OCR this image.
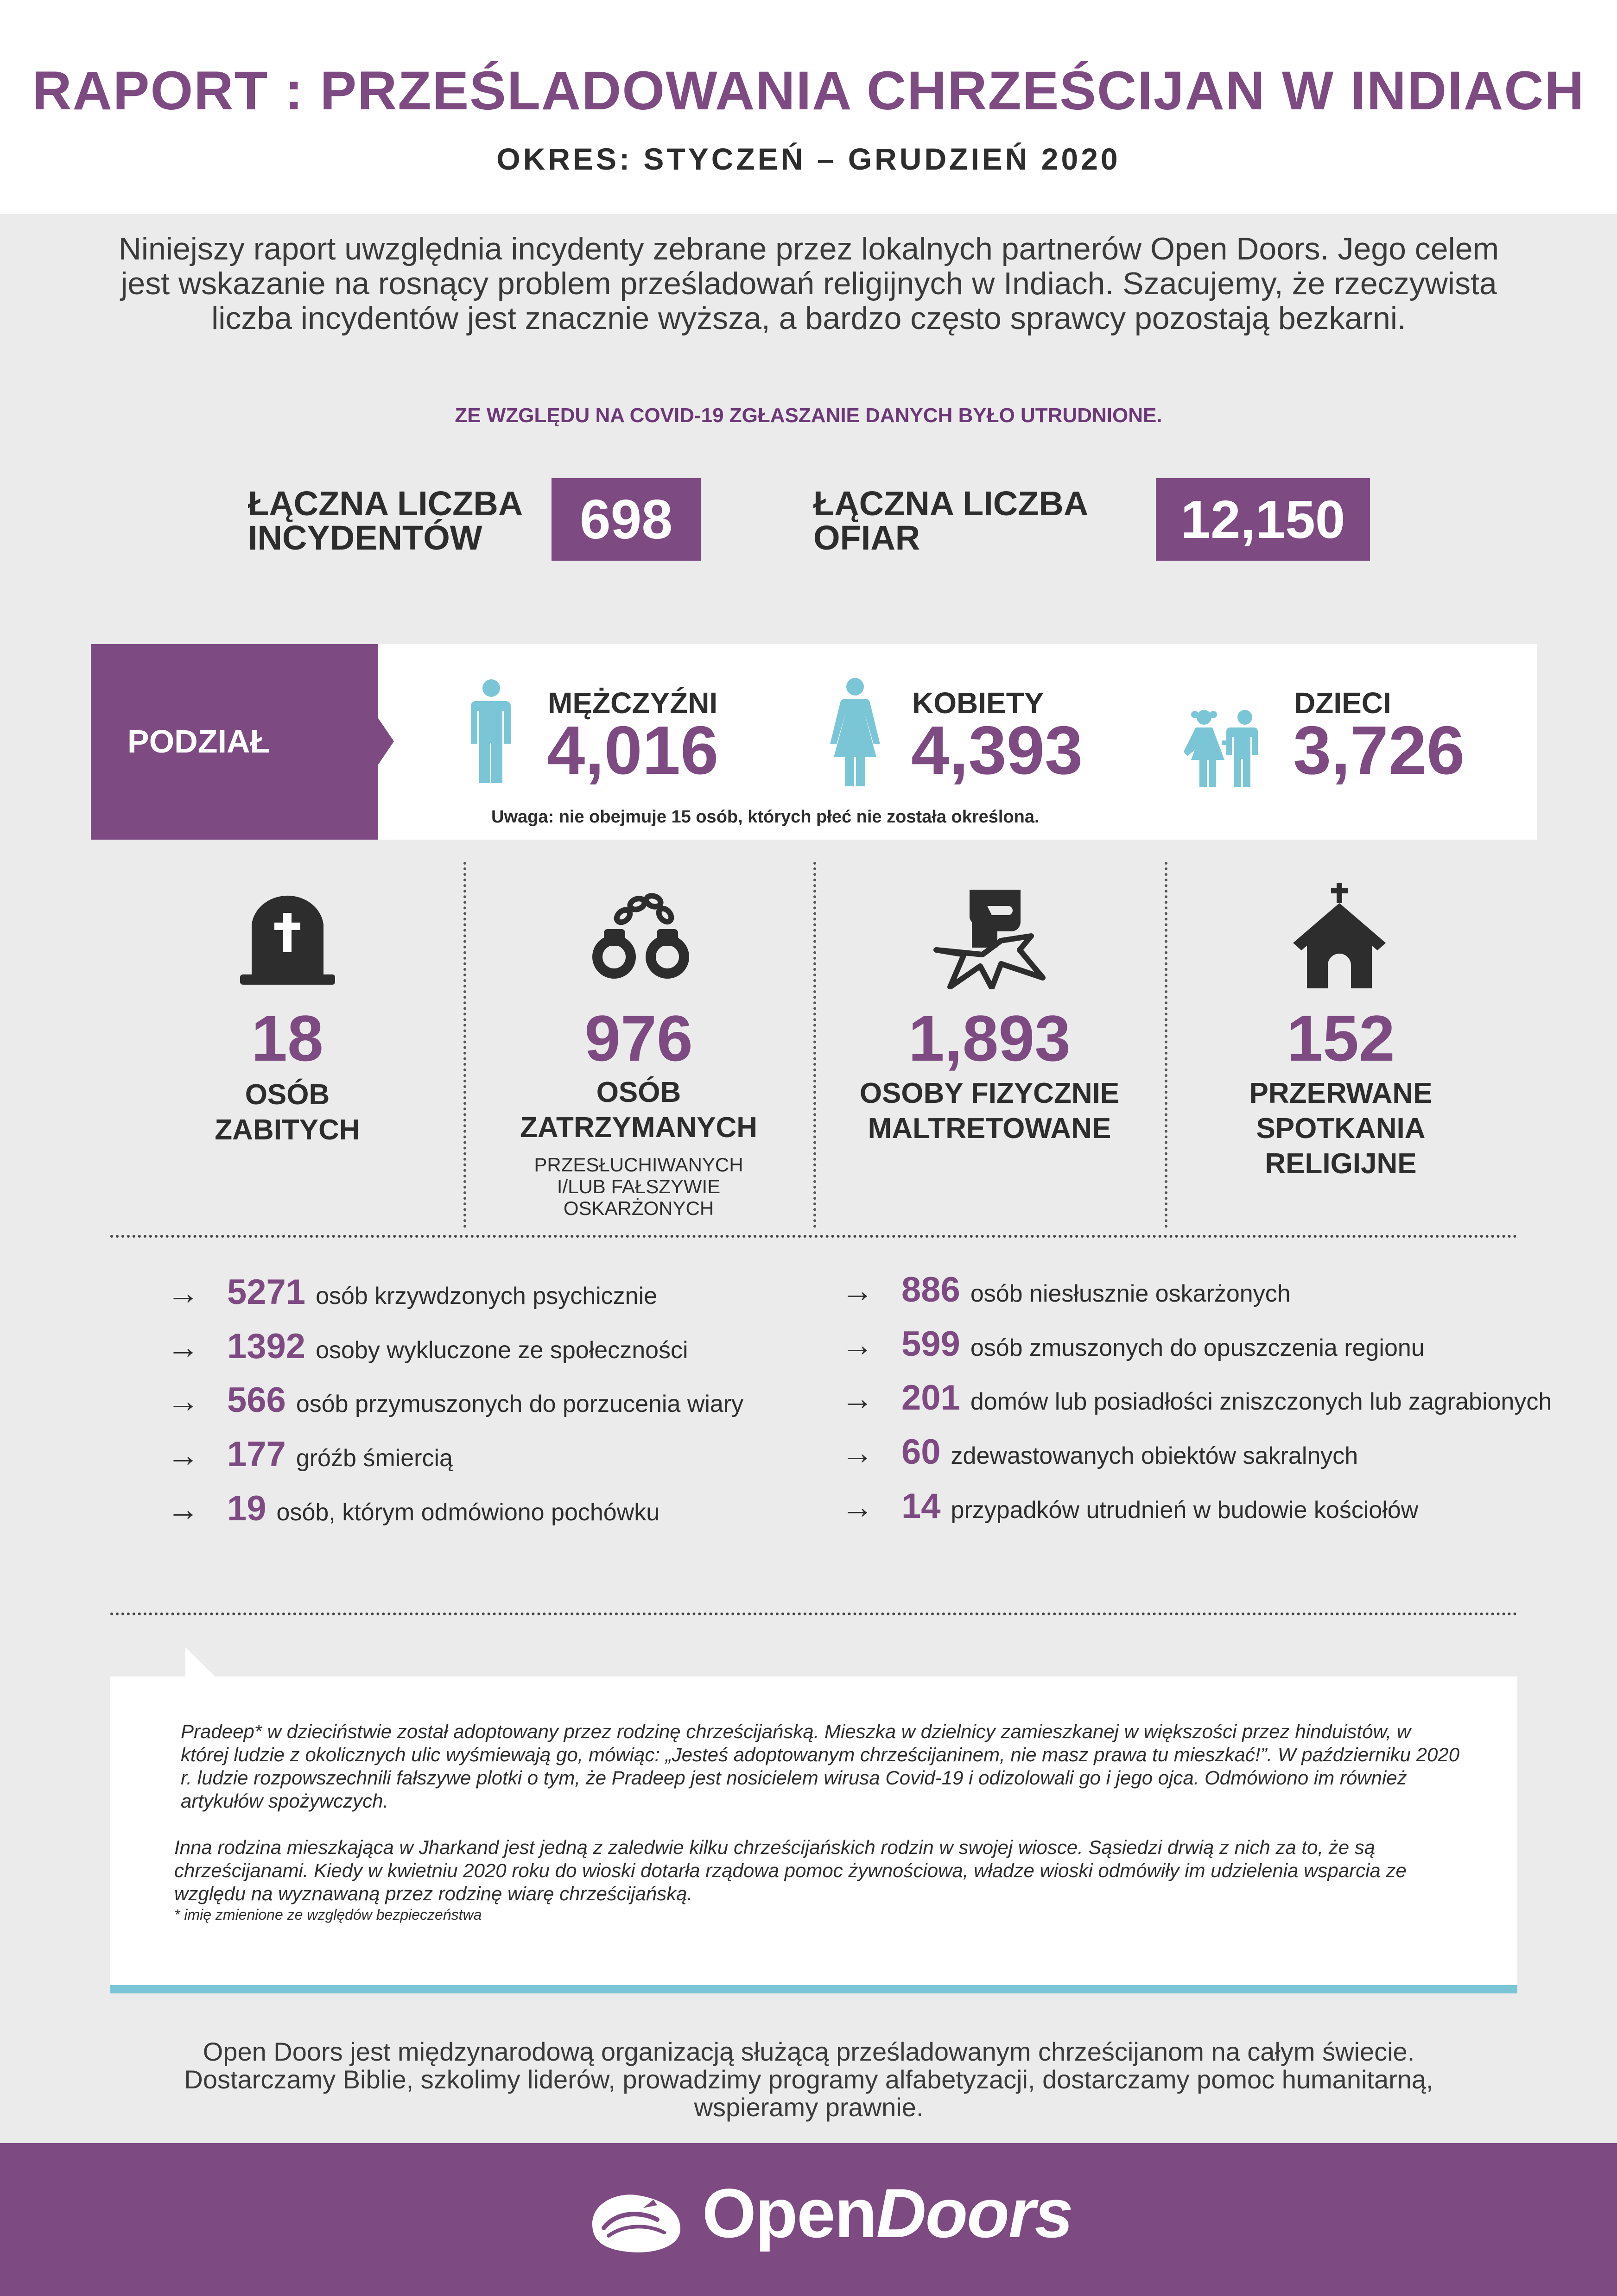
RAPORT : PRZEŚLADOWANIA CHRZEŚCIJAN W INDIACH
OKRES: STYCZEŃ – GRUDZIEŃ 2020
Niniejszy raport uwzględnia incydenty zebrane przez lokalnych partnerów Open Doors. Jego celem jest wskazanie na rosnący problem prześladowań religijnych w Indiach. Szacujemy, że rzeczywista liczba incydentów jest znacznie wyższa, a bardzo często sprawcy pozostają bezkarni.
ZE WZGLĘDU NA COVID-19 ZGŁASZANIE DANYCH BYŁO UTRUDNIONE.
ŁĄCZNA LICZBA
INCYDENTÓW	698	ŁĄCZNA LICZBA
OFIAR	12,150
PODZIAŁ
MĘŻCZYŹNI
4,016
KOBIETY
4,393
DZIECI
3,726
Uwaga: nie obejmuje 15 osób, których płeć nie została określona.
18
OSÓB
ZABITYCH
976
OSÓB
ZATRZYMANYCH
PRZESŁUCHIWANYCH
I/LUB FAŁSZYWIE
OSKARŻONYCH
1,893
OSOBY FIZYCZNIE
MALTRETOWANE
152
PRZERWANE
SPOTKANIA
RELIGIJNE
→ 5271 osób krzywdzonych psychicznie
→ 1392 osoby wykluczone ze społeczności
→ 566 osób przymuszonych do porzucenia wiary
→ 177 gróźb śmiercią
→ 19 osób, którym odmówiono pochówku
→ 886 osób niesłusznie oskarżonych
→ 599 osób zmuszonych do opuszczenia regionu
→ 201 domów lub posiadłości zniszczonych lub zagrabionych
→ 60 zdewastowanych obiektów sakralnych
→ 14 przypadków utrudnień w budowie kościołów
Pradeep* w dzieciństwie został adoptowany przez rodzinę chrześcijańską. Mieszka w dzielnicy zamieszkanej w większości przez hinduistów, w której ludzie z okolicznych ulic wyśmiewają go, mówiąc: „Jesteś adoptowanym chrześcijaninem, nie masz prawa tu mieszkać!”. W październiku 2020 r. ludzie rozpowszechnili fałszywe plotki o tym, że Pradeep jest nosicielem wirusa Covid-19 i odizolowali go i jego ojca. Odmówiono im również artykułów spożywczych.
Inna rodzina mieszkająca w Jharkand jest jedną z zaledwie kilku chrześcijańskich rodzin w swojej wiosce. Sąsiedzi drwią z nich za to, że są chrześcijanami. Kiedy w kwietniu 2020 roku do wioski dotarła rządowa pomoc żywnościowa, władze wioski odmówiły im udzielenia wsparcia ze względu na wyznawaną przez rodzinę wiarę chrześcijańską.
* imię zmienione ze względów bezpieczeństwa
Open Doors jest międzynarodową organizacją służącą prześladowanym chrześcijanom na całym świecie. Dostarczamy Biblie, szkolimy liderów, prowadzimy programy alfabetyzacji, dostarczamy pomoc humanitarną, wspieramy prawnie.
OpenDoors
